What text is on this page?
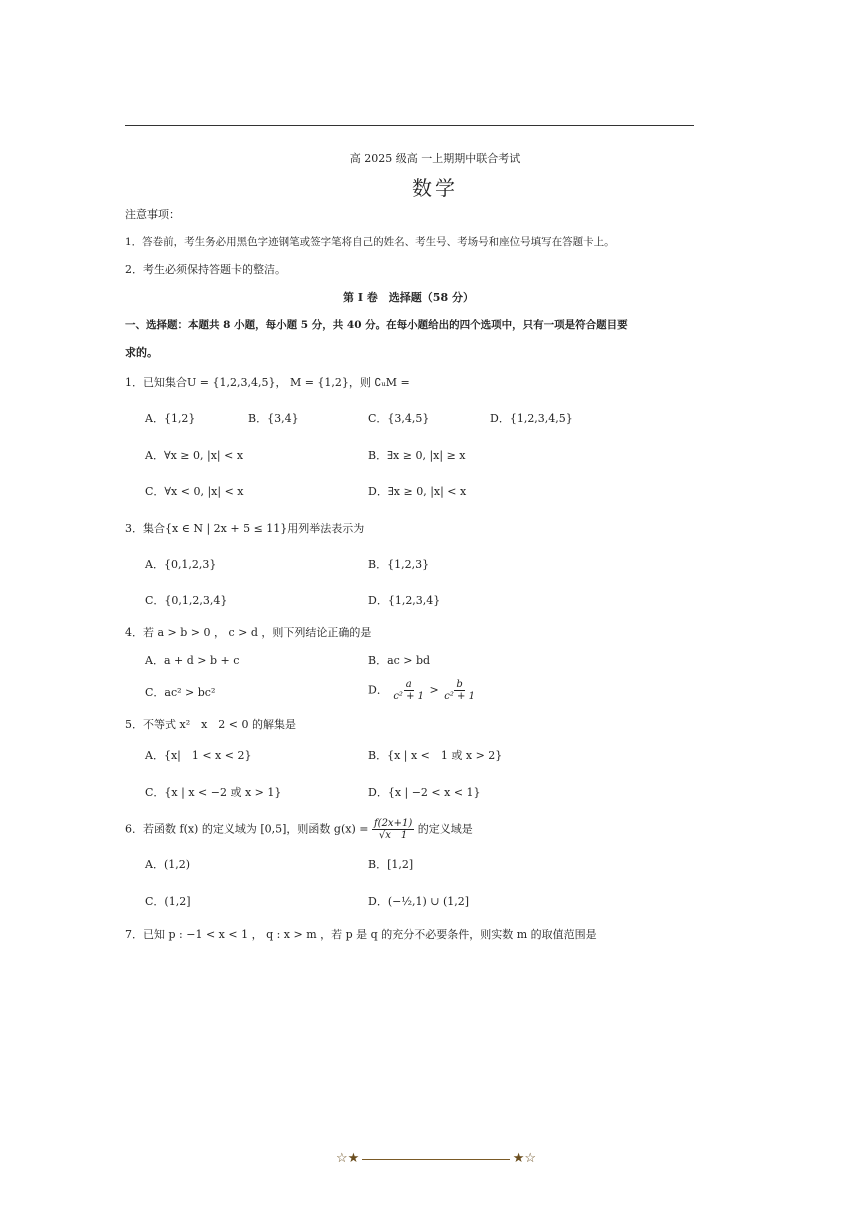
高 2025 级高 一上期期中联合考试
数学
注意事项：
1．答卷前，考生务必用黑色字迹钢笔或签字笔将自己的姓名、考生号、考场号和座位号填写在答题卡上。
2．考生必须保持答题卡的整洁。
第 I 卷　选择题（58 分）
一、选择题：本题共 8 小题，每小题 5 分，共 40 分。在每小题给出的四个选项中，只有一项是符合题目要
求的。
1．已知集合U = {1,2,3,4,5}， M = {1,2}，则 ∁ᵤM =
A．{1,2}	B．{3,4}	C．{3,4,5}	D．{1,2,3,4,5}
A．∀x ≥ 0, |x| < x	B．∃x ≥ 0, |x| ≥ x
C．∀x < 0, |x| < x	D．∃x ≥ 0, |x| < x
3．集合{x ∈ N | 2x + 5 ≤ 11}用列举法表示为
A．{0,1,2,3}	B．{1,2,3}
C．{0,1,2,3,4}	D．{1,2,3,4}
4．若 a > b > 0 ， c > d ，则下列结论正确的是
A．a + d > b + c	B．ac > bd
C．ac² > bc²	D． $\frac{a}{\text{c² + 1}} > \frac{b}{\text{c² + 1}}$
5．不等式 x²　x　2 < 0 的解集是
A．{x|　1 < x < 2}	B．{x | x <　1 或 x > 2}
C．{x | x < −2 或 x > 1}	D．{x | −2 < x < 1}
6．若函数 f(x) 的定义域为 [0,5]，则函数 $g(x) = \frac{f(2x+1)}{√x 1}$ 的定义域是
A．(1,2)	B．[1,2]
C．(1,2]	D．(−½,1) ∪ (1,2]
7．已知 p : −1 < x < 1 ， q : x > m ，若 p 是 q 的充分不必要条件，则实数 m 的取值范围是
☆★	★☆
